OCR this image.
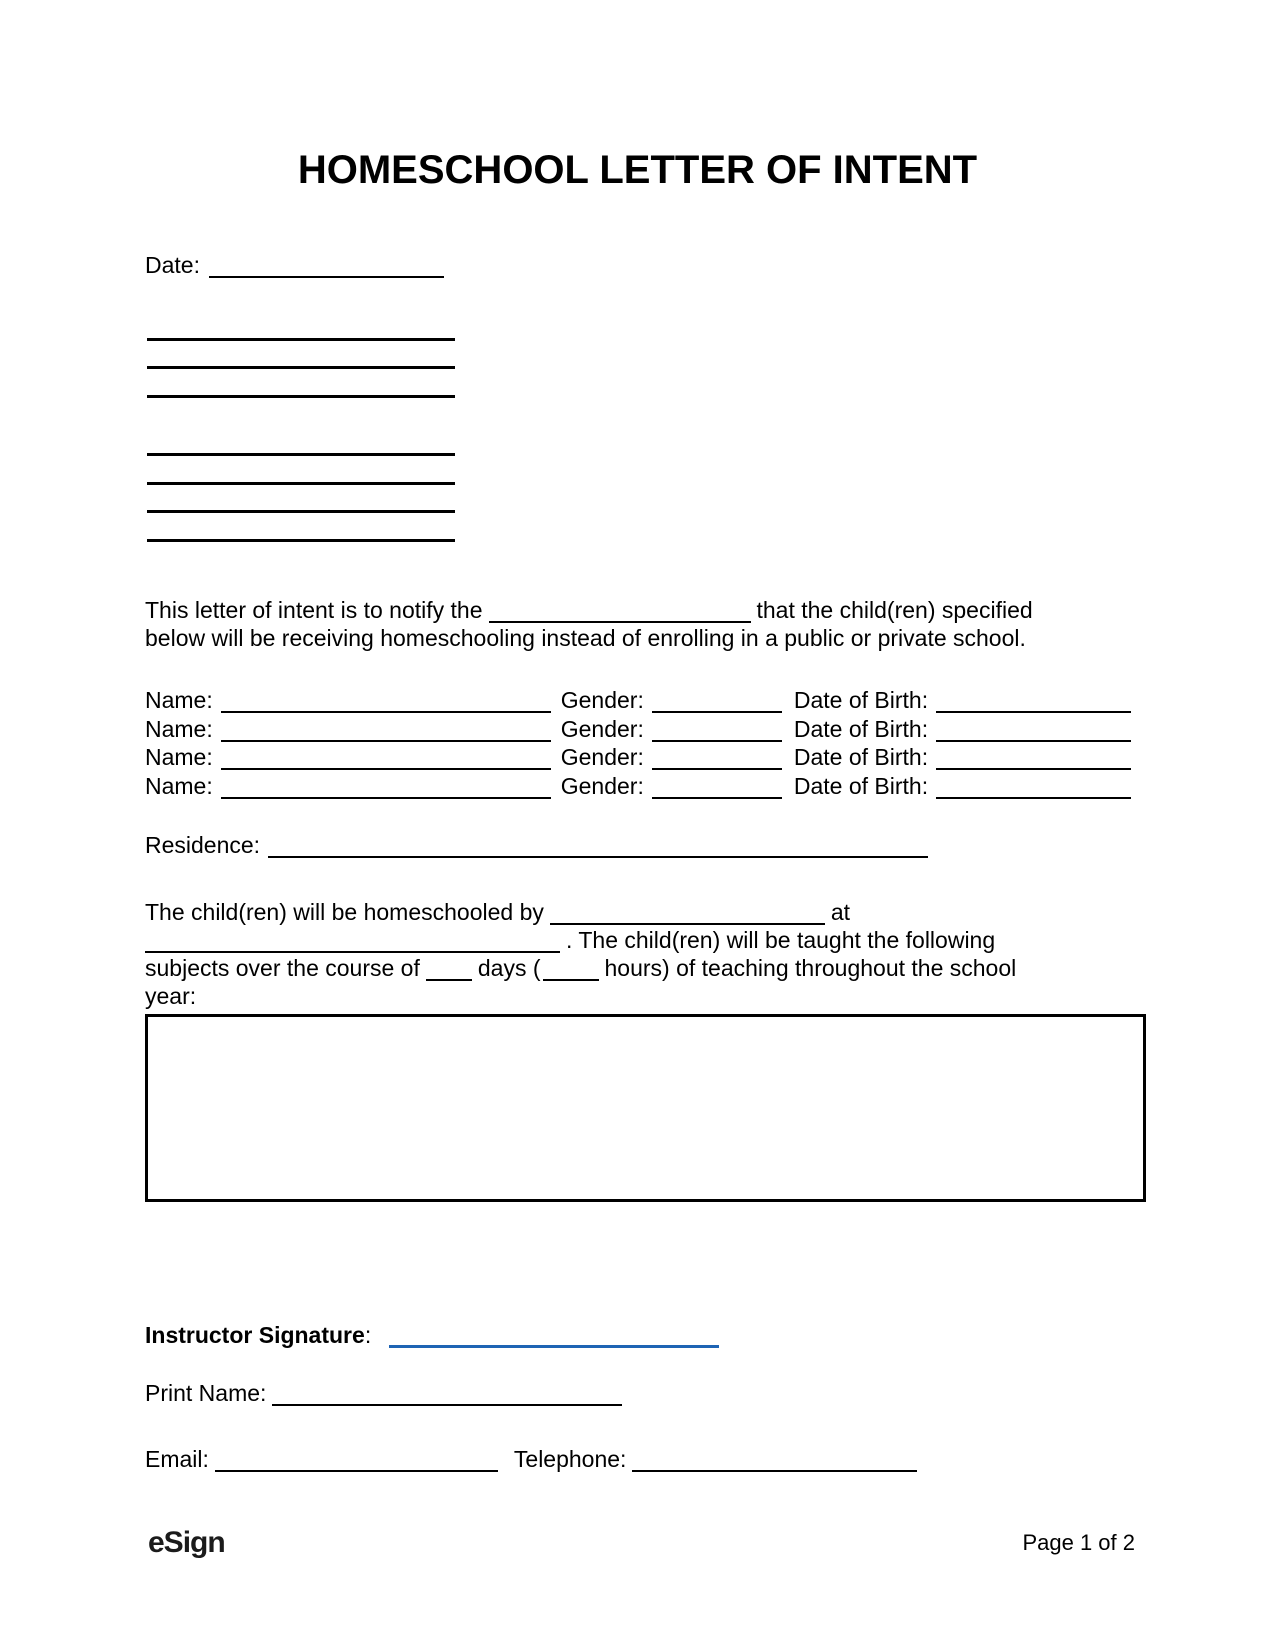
HOMESCHOOL LETTER OF INTENT
Date:
This letter of intent is to notify the	that the child(ren) specified
below will be receiving homeschooling instead of enrolling in a public or private school.
Name:	Gender:	Date of Birth:
Name:	Gender:	Date of Birth:
Name:	Gender:	Date of Birth:
Name:	Gender:	Date of Birth:
Residence:
The child(ren) will be homeschooled by	at
. The child(ren) will be taught the following
subjects over the course of	days (	hours) of teaching throughout the school
year:
Instructor Signature:
Print Name:
Email:	Telephone:
eSign	Page 1 of 2
